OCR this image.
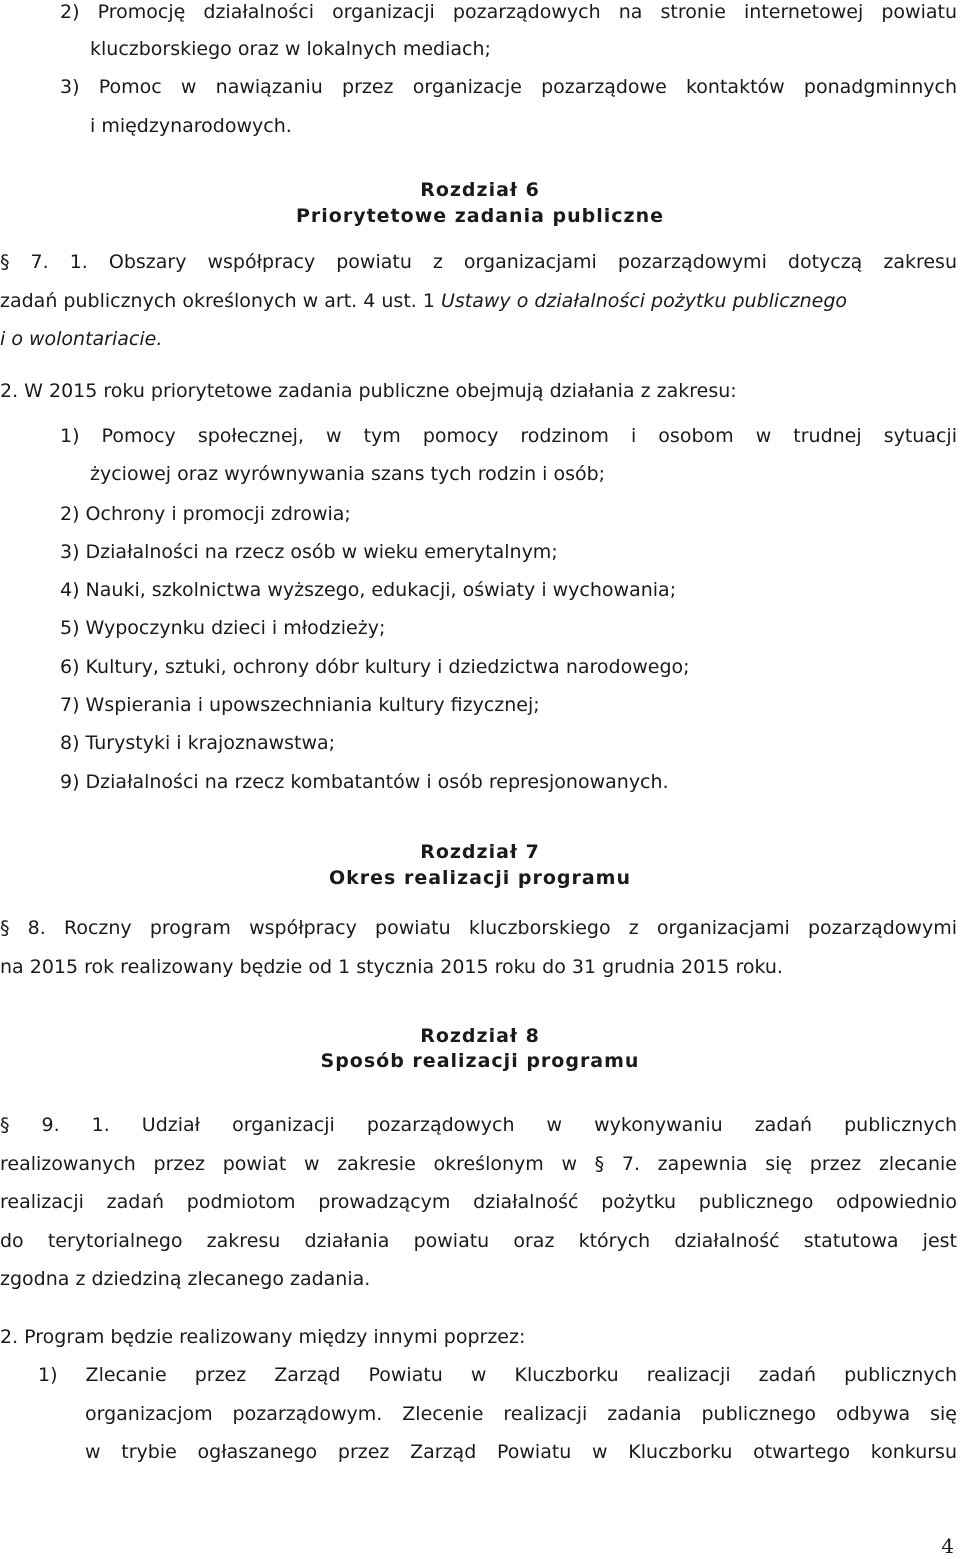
2) Promocję działalności organizacji pozarządowych na stronie internetowej powiatu
kluczborskiego oraz w lokalnych mediach;
3) Pomoc w nawiązaniu przez organizacje pozarządowe kontaktów ponadgminnych
i międzynarodowych.
Rozdział 6
Priorytetowe zadania publiczne
§ 7. 1. Obszary współpracy powiatu z organizacjami pozarządowymi dotyczą zakresu
zadań publicznych określonych w art. 4 ust. 1 Ustawy o działalności pożytku publicznego
i o wolontariacie.
2. W 2015 roku priorytetowe zadania publiczne obejmują działania z zakresu:
1) Pomocy społecznej, w tym pomocy rodzinom i osobom w trudnej sytuacji
życiowej oraz wyrównywania szans tych rodzin i osób;
2) Ochrony i promocji zdrowia;
3) Działalności na rzecz osób w wieku emerytalnym;
4) Nauki, szkolnictwa wyższego, edukacji, oświaty i wychowania;
5) Wypoczynku dzieci i młodzieży;
6) Kultury, sztuki, ochrony dóbr kultury i dziedzictwa narodowego;
7) Wspierania i upowszechniania kultury fizycznej;
8) Turystyki i krajoznawstwa;
9) Działalności na rzecz kombatantów i osób represjonowanych.
Rozdział 7
Okres realizacji programu
§ 8. Roczny program współpracy powiatu kluczborskiego z organizacjami pozarządowymi
na 2015 rok realizowany będzie od 1 stycznia 2015 roku do 31 grudnia 2015 roku.
Rozdział 8
Sposób realizacji programu
§ 9. 1. Udział organizacji pozarządowych w wykonywaniu zadań publicznych
realizowanych przez powiat w zakresie określonym w § 7. zapewnia się przez zlecanie
realizacji zadań podmiotom prowadzącym działalność pożytku publicznego odpowiednio
do terytorialnego zakresu działania powiatu oraz których działalność statutowa jest
zgodna z dziedziną zlecanego zadania.
2. Program będzie realizowany między innymi poprzez:
1) Zlecanie przez Zarząd Powiatu w Kluczborku realizacji zadań publicznych
organizacjom pozarządowym. Zlecenie realizacji zadania publicznego odbywa się
w trybie ogłaszanego przez Zarząd Powiatu w Kluczborku otwartego konkursu
4
